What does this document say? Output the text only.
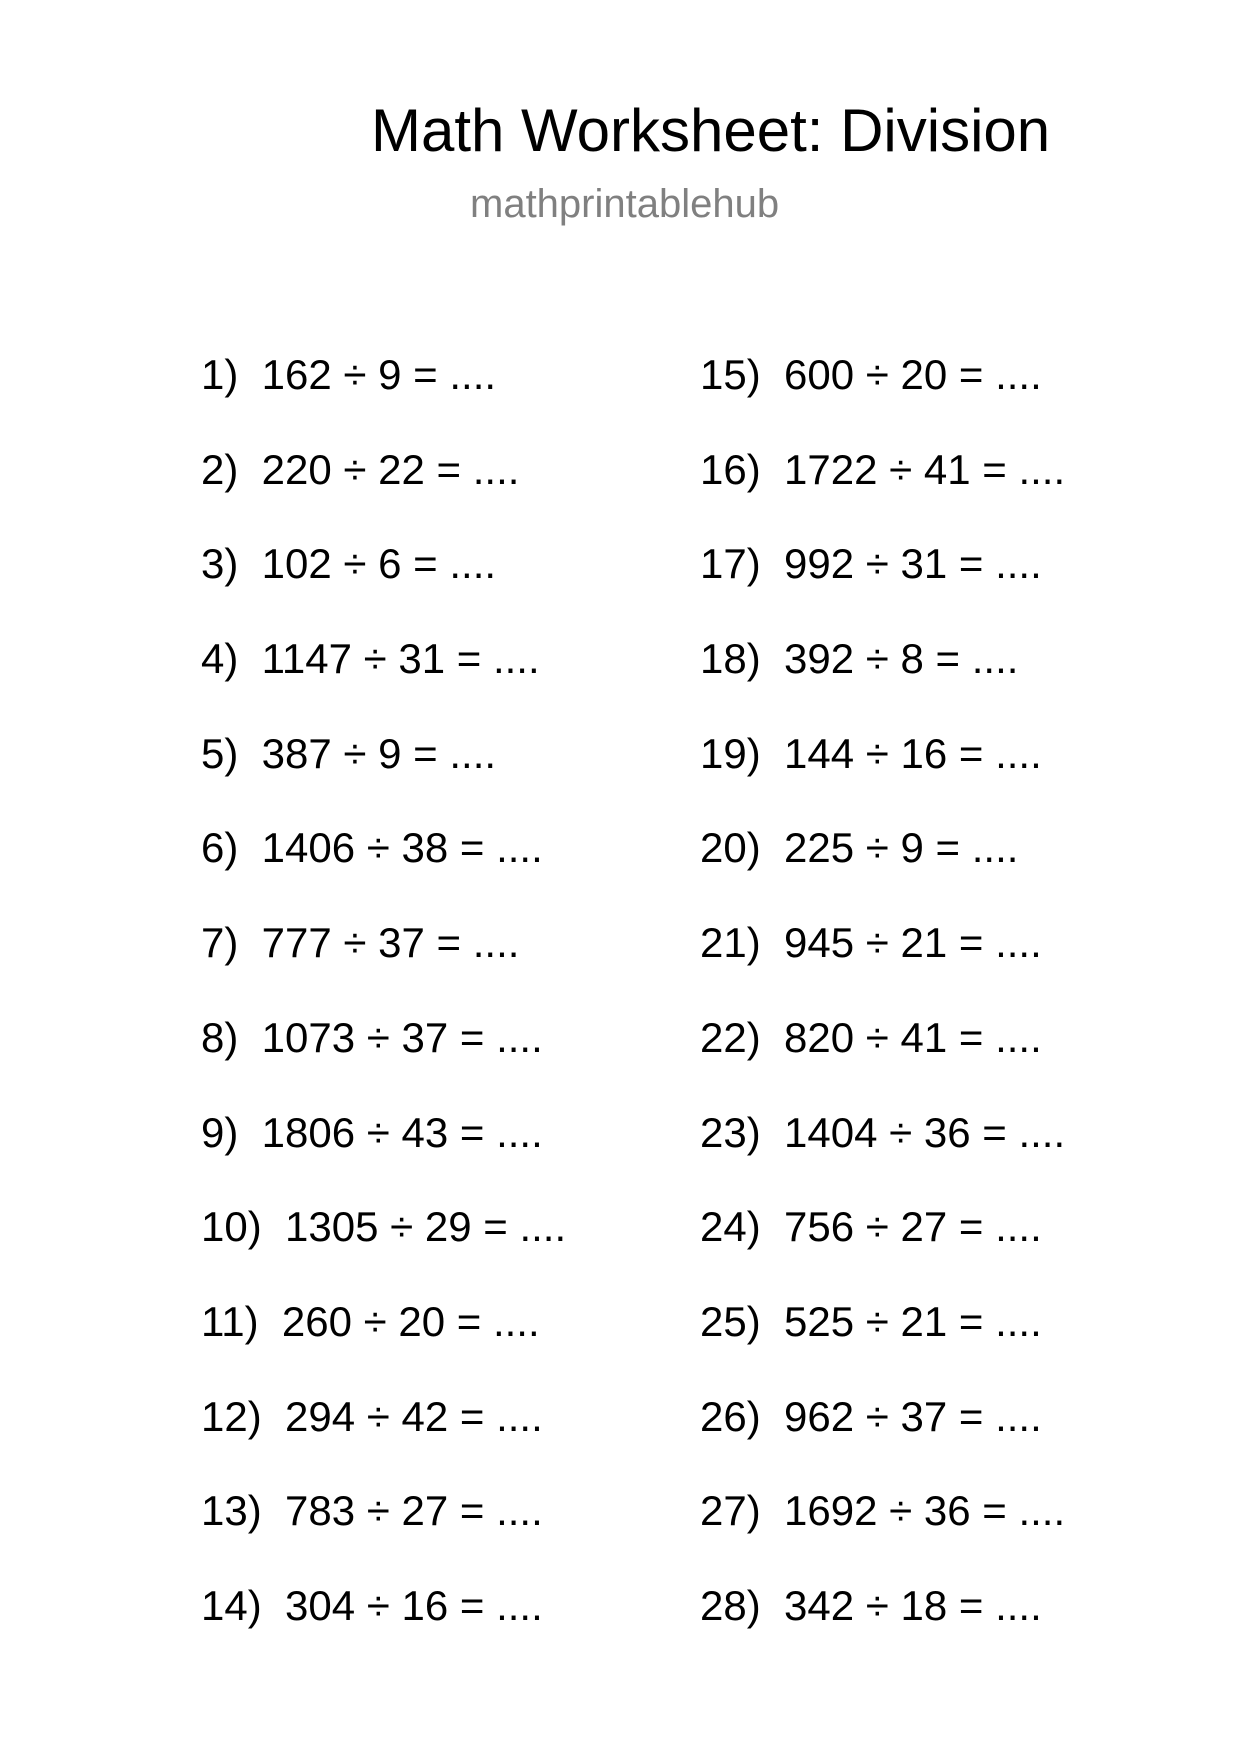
Math Worksheet: Division
mathprintablehub
1)  162 ÷ 9 = ....
2)  220 ÷ 22 = ....
3)  102 ÷ 6 = ....
4)  1147 ÷ 31 = ....
5)  387 ÷ 9 = ....
6)  1406 ÷ 38 = ....
7)  777 ÷ 37 = ....
8)  1073 ÷ 37 = ....
9)  1806 ÷ 43 = ....
10)  1305 ÷ 29 = ....
11)  260 ÷ 20 = ....
12)  294 ÷ 42 = ....
13)  783 ÷ 27 = ....
14)  304 ÷ 16 = ....
15)  600 ÷ 20 = ....
16)  1722 ÷ 41 = ....
17)  992 ÷ 31 = ....
18)  392 ÷ 8 = ....
19)  144 ÷ 16 = ....
20)  225 ÷ 9 = ....
21)  945 ÷ 21 = ....
22)  820 ÷ 41 = ....
23)  1404 ÷ 36 = ....
24)  756 ÷ 27 = ....
25)  525 ÷ 21 = ....
26)  962 ÷ 37 = ....
27)  1692 ÷ 36 = ....
28)  342 ÷ 18 = ....
